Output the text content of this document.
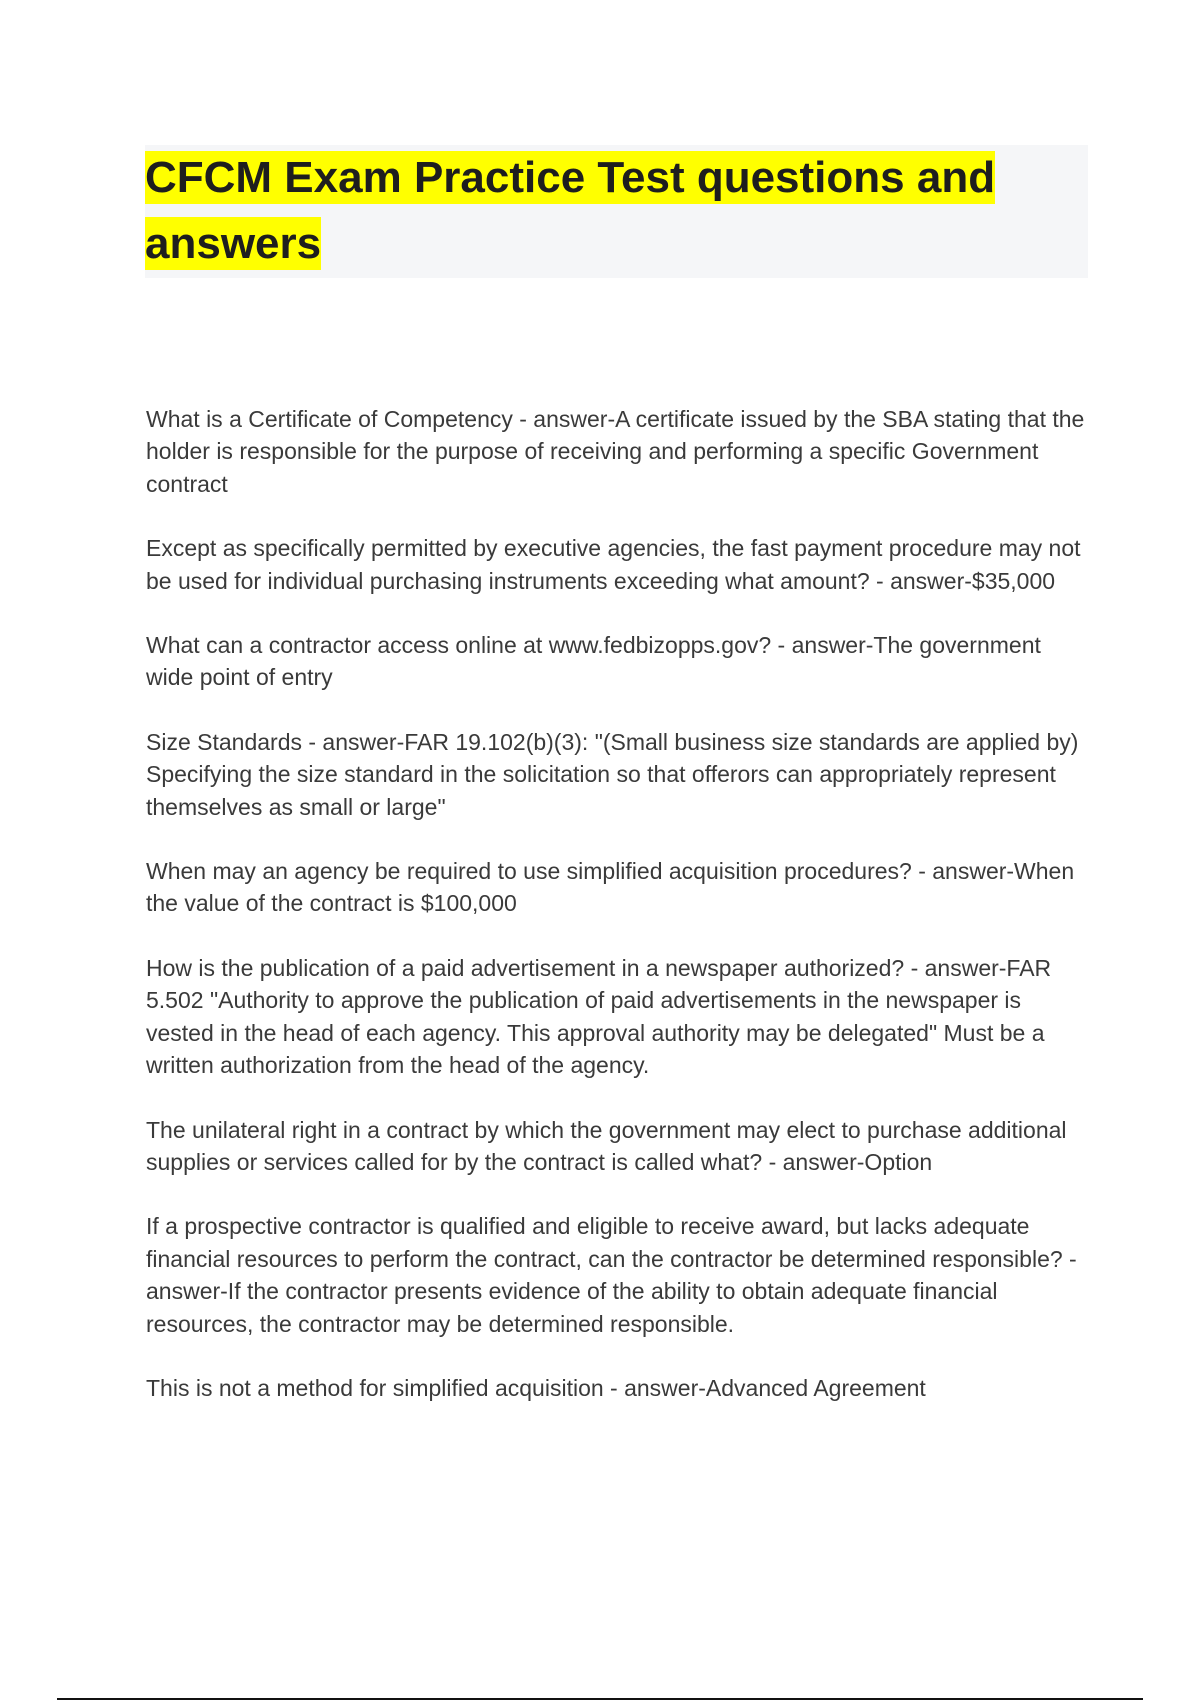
CFCM Exam Practice Test questions and answers

What is a Certificate of Competency - answer-A certificate issued by the SBA stating that the holder is responsible for the purpose of receiving and performing a specific Government contract

Except as specifically permitted by executive agencies, the fast payment procedure may not be used for individual purchasing instruments exceeding what amount? - answer-$35,000

What can a contractor access online at www.fedbizopps.gov? - answer-The government wide point of entry

Size Standards - answer-FAR 19.102(b)(3): "(Small business size standards are applied by) Specifying the size standard in the solicitation so that offerors can appropriately represent themselves as small or large"

When may an agency be required to use simplified acquisition procedures? - answer-When the value of the contract is $100,000

How is the publication of a paid advertisement in a newspaper authorized? - answer-FAR 5.502 "Authority to approve the publication of paid advertisements in the newspaper is vested in the head of each agency. This approval authority may be delegated" Must be a written authorization from the head of the agency.

The unilateral right in a contract by which the government may elect to purchase additional supplies or services called for by the contract is called what? - answer-Option

If a prospective contractor is qualified and eligible to receive award, but lacks adequate financial resources to perform the contract, can the contractor be determined responsible? - answer-If the contractor presents evidence of the ability to obtain adequate financial resources, the contractor may be determined responsible.

This is not a method for simplified acquisition - answer-Advanced Agreement
